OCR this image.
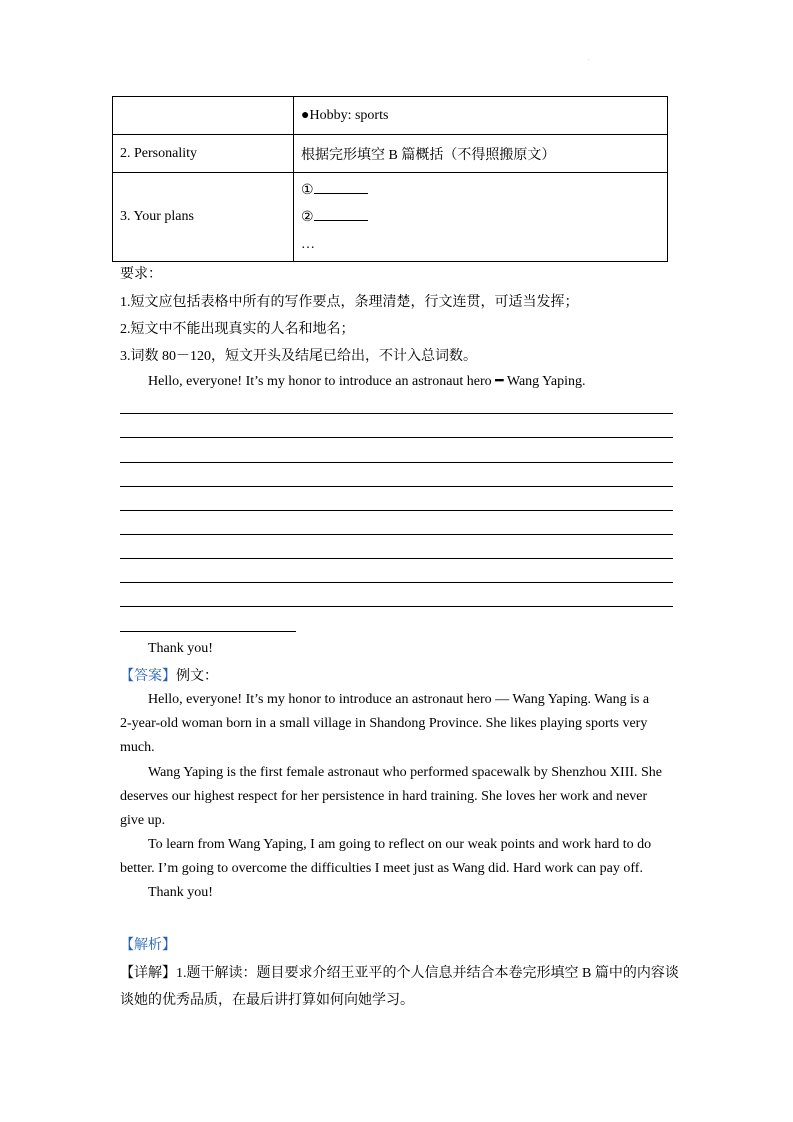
.
	●Hobby: sports
2. Personality	根据完形填空 B 篇概括（不得照搬原文）
3. Your plans	①
②
…
要求：
1.短文应包括表格中所有的写作要点，条理清楚，行文连贯，可适当发挥；
2.短文中不能出现真实的人名和地名；
3.词数 80－120，短文开头及结尾已给出，不计入总词数。
Hello, everyone! It’s my honor to introduce an astronaut hero ━ Wang Yaping.
Thank you!
【答案】例文：
Hello, everyone! It’s my honor to introduce an astronaut hero — Wang Yaping. Wang is a
2-year-old woman born in a small village in Shandong Province. She likes playing sports very
much.
Wang Yaping is the first female astronaut who performed spacewalk by Shenzhou XIII. She
deserves our highest respect for her persistence in hard training. She loves her work and never
give up.
To learn from Wang Yaping, I am going to reflect on our weak points and work hard to do
better. I’m going to overcome the difficulties I meet just as Wang did. Hard work can pay off.
Thank you!
【解析】
【详解】1.题干解读：题目要求介绍王亚平的个人信息并结合本卷完形填空 B 篇中的内容谈
谈她的优秀品质，在最后讲打算如何向她学习。
